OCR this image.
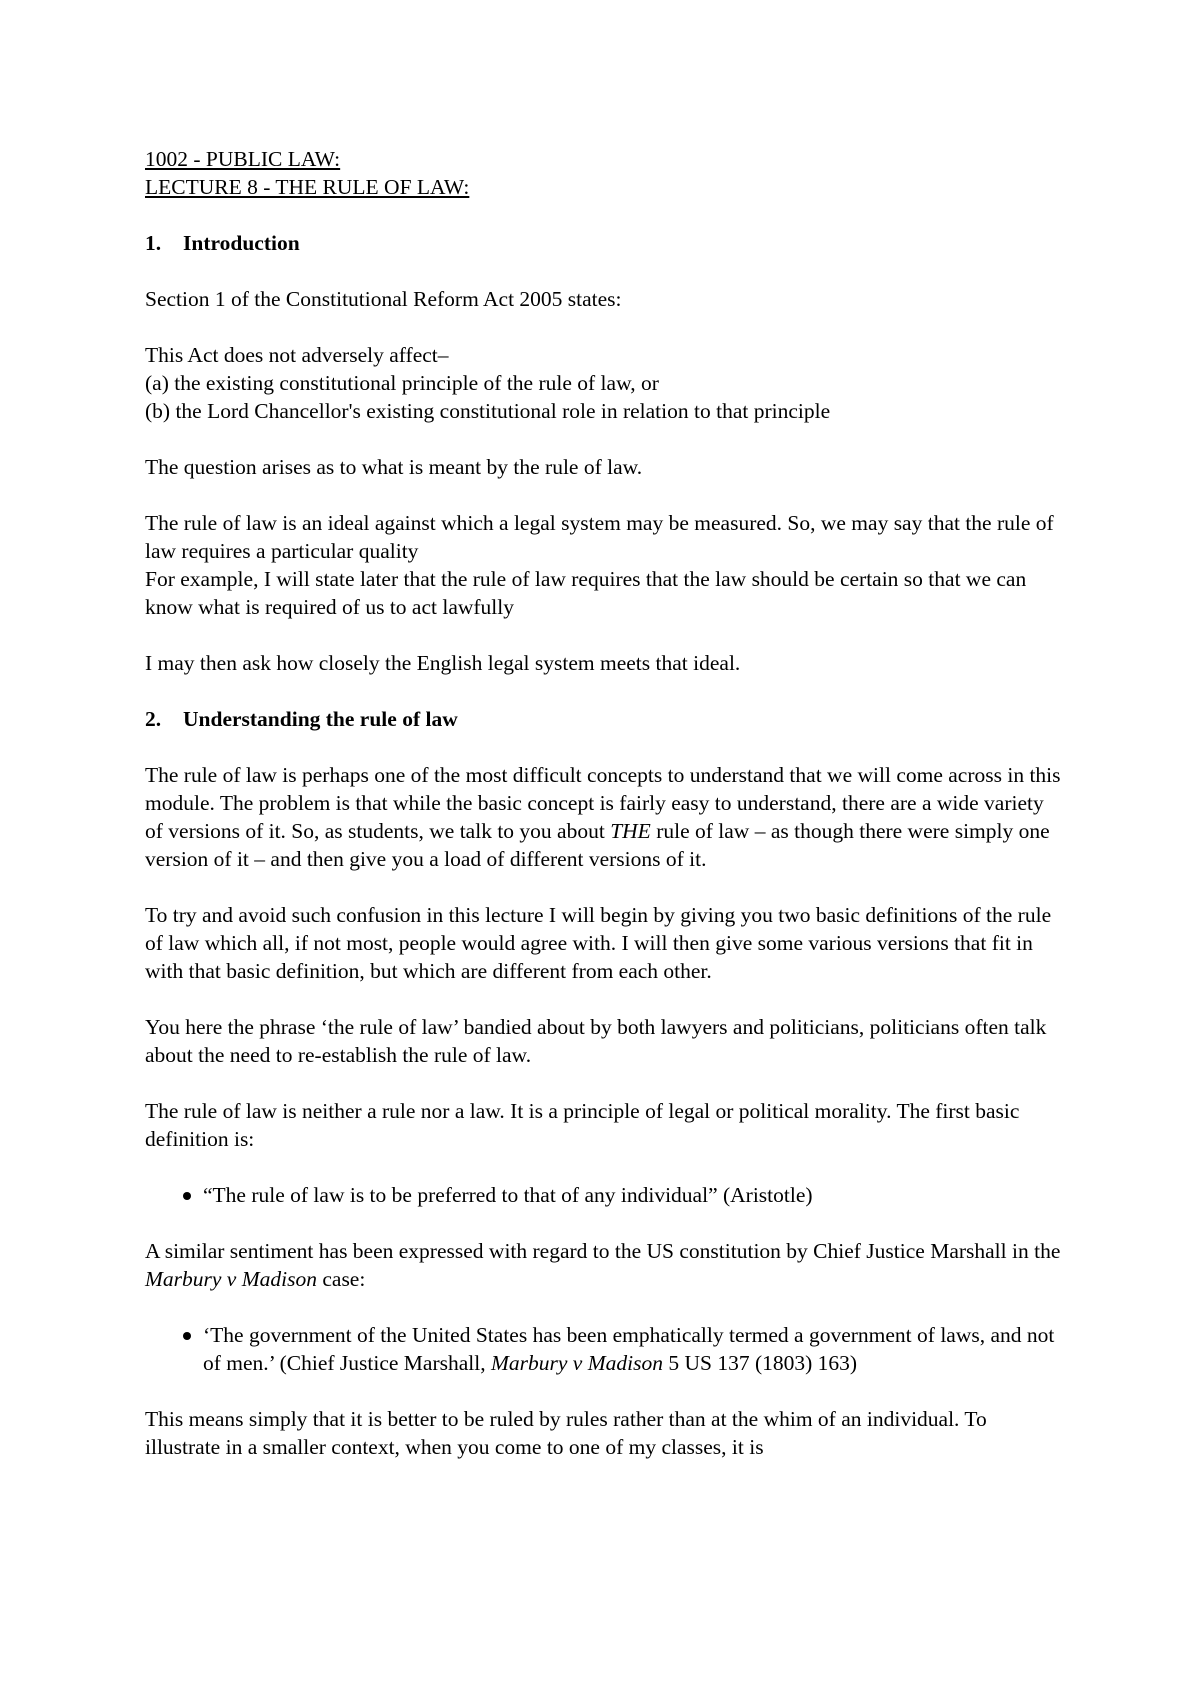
1002 - PUBLIC LAW:
LECTURE 8 - THE RULE OF LAW:
1.	Introduction

Section 1 of the Constitutional Reform Act 2005 states:

This Act does not adversely affect–

(a) the existing constitutional principle of the rule of law, or

(b) the Lord Chancellor's existing constitutional role in relation to that principle

The question arises as to what is meant by the rule of law.

The rule of law is an ideal against which a legal system may be measured. So, we may say that the rule of law requires a particular quality

For example, I will state later that the rule of law requires that the law should be certain so that we can know what is required of us to act lawfully

I may then ask how closely the English legal system meets that ideal.

2.	Understanding the rule of law

The rule of law is perhaps one of the most difficult concepts to understand that we will come across in this module. The problem is that while the basic concept is fairly easy to understand, there are a wide variety of versions of it. So, as students, we talk to you about THE rule of law – as though there were simply one version of it – and then give you a load of different versions of it.

To try and avoid such confusion in this lecture I will begin by giving you two basic definitions of the rule of law which all, if not most, people would agree with. I will then give some various versions that fit in with that basic definition, but which are different from each other.

You here the phrase ‘the rule of law’ bandied about by both lawyers and politicians, politicians often talk about the need to re-establish the rule of law.

The rule of law is neither a rule nor a law. It is a principle of legal or political morality. The first basic definition is:

“The rule of law is to be preferred to that of any individual” (Aristotle)

A similar sentiment has been expressed with regard to the US constitution by Chief Justice Marshall in the Marbury v Madison case:

‘The government of the United States has been emphatically termed a government of laws, and not of men.’ (Chief Justice Marshall, Marbury v Madison 5 US 137 (1803) 163)

This means simply that it is better to be ruled by rules rather than at the whim of an individual. To illustrate in a smaller context, when you come to one of my classes, it is
